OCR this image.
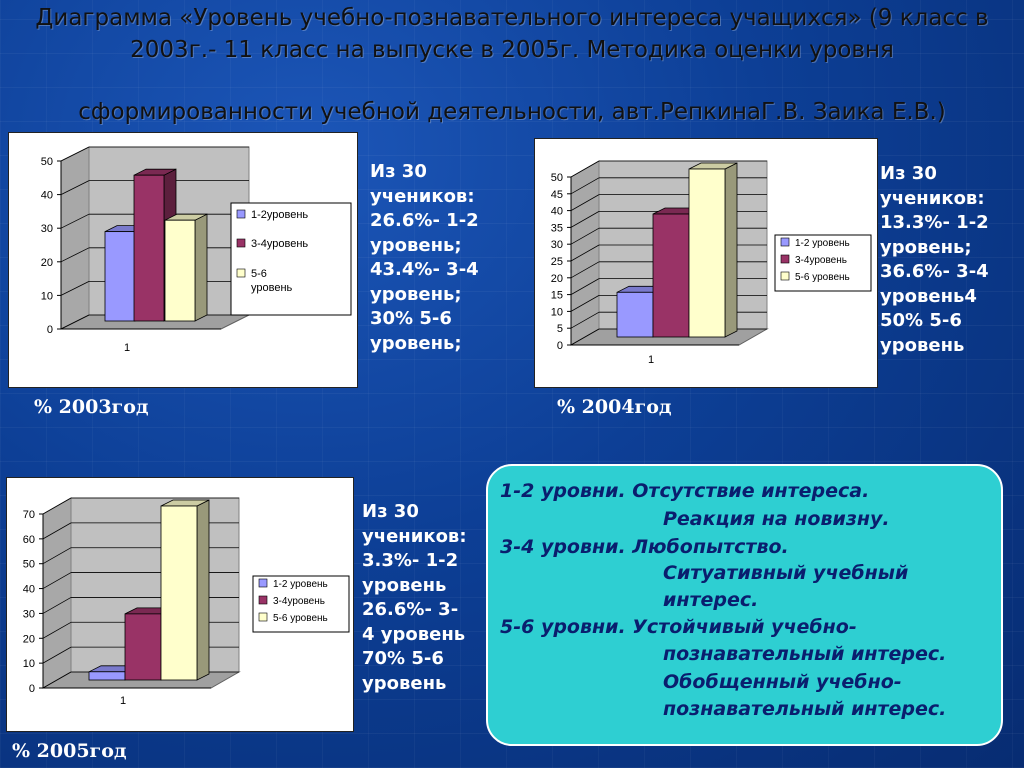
Диаграмма «Уровень учебно-познавательного интереса учащихся» (9 класс в
2003г.- 11 класс на выпуске в 2005г. Методика оценки уровня
сформированности учебной деятельности, авт.РепкинаГ.В. Заика Е.В.)
0
10
20
30
40
50
1
1-2уровень
3-4уровень
5-6
уровень
0
5
10
15
20
25
30
35
40
45
50
1
1-2 уровень
3-4уровень
5-6 уровень
0
10
20
30
40
50
60
70
1
1-2 уровень
3-4уровень
5-6 уровень
Из 30
учеников:
26.6%- 1-2
уровень;
43.4%- 3-4
уровень;
30% 5-6
уровень;
Из 30
учеников:
13.3%- 1-2
уровень;
36.6%- 3-4
уровень4
50% 5-6
уровень
Из 30
учеников:
3.3%- 1-2
уровень
26.6%- 3-
4 уровень
70% 5-6
уровень
% 2003год	% 2004год
% 2005год
1-2 уровни. Отсутствие интереса.
Реакция на новизну.
3-4 уровни. Любопытство.
Ситуативный учебный
интерес.
5-6 уровни. Устойчивый учебно-
познавательный интерес.
Обобщенный учебно-
познавательный интерес.
